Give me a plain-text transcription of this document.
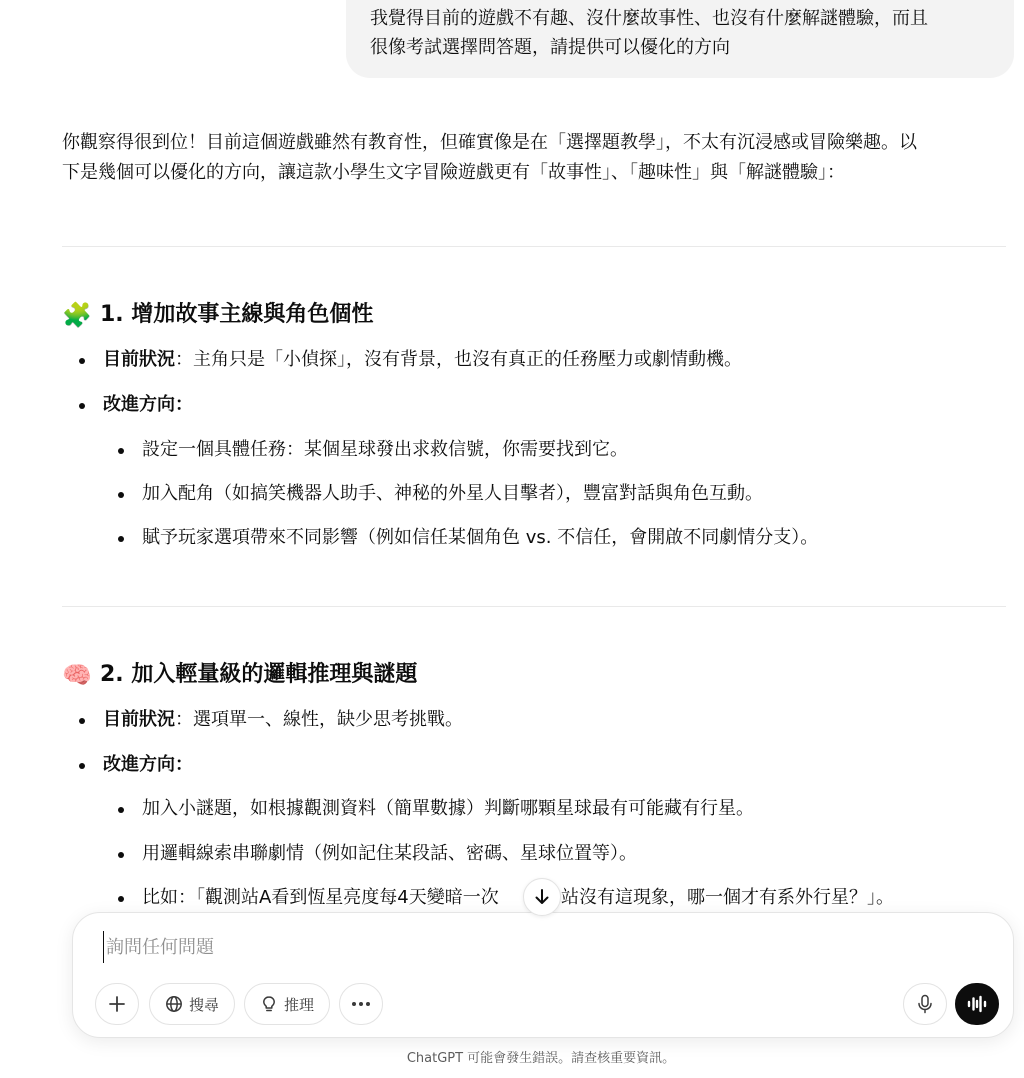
我覺得目前的遊戲不有趣、沒什麼故事性、也沒有什麼解謎體驗，而且
很像考試選擇問答題，請提供可以優化的方向
你觀察得很到位！目前這個遊戲雖然有教育性，但確實像是在「選擇題教學」，不太有沉浸感或冒險樂趣。以
下是幾個可以優化的方向，讓這款小學生文字冒險遊戲更有「故事性」、「趣味性」與「解謎體驗」：
🧩 1. 增加故事主線與角色個性
目前狀況：主角只是「小偵探」，沒有背景，也沒有真正的任務壓力或劇情動機。
改進方向：
設定一個具體任務：某個星球發出求救信號，你需要找到它。
加入配角（如搞笑機器人助手、神秘的外星人目擊者），豐富對話與角色互動。
賦予玩家選項帶來不同影響（例如信任某個角色 vs. 不信任，會開啟不同劇情分支）。
🧠 2. 加入輕量級的邏輯推理與謎題
目前狀況：選項單一、線性，缺少思考挑戰。
改進方向：
加入小謎題，如根據觀測資料（簡單數據）判斷哪顆星球最有可能藏有行星。
用邏輯線索串聯劇情（例如記住某段話、密碼、星球位置等）。
比如：「觀測站A看到恆星亮度每4天變暗一次	站沒有這現象，哪一個才有系外行星？」。
詢問任何問題
搜尋	推理
ChatGPT 可能會發生錯誤。請查核重要資訊。
